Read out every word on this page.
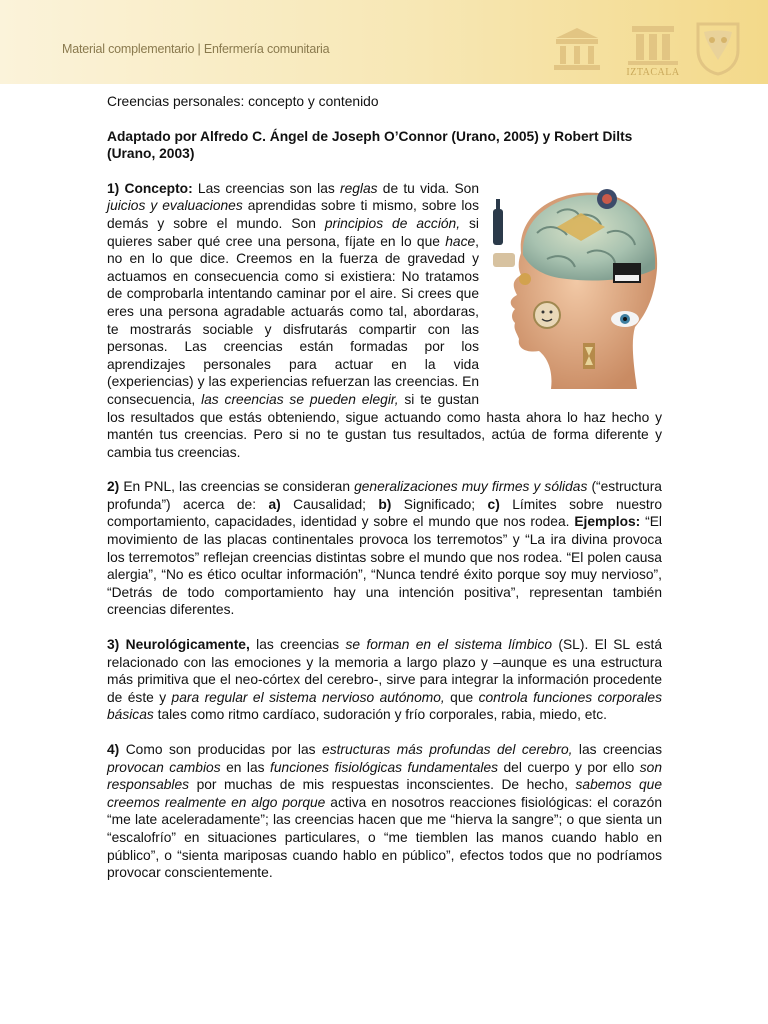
Material complementario | Enfermería comunitaria
IZTACALA
Creencias personales: concepto y contenido
Adaptado por Alfredo C. Ángel de Joseph O’Connor (Urano, 2005) y Robert Dilts (Urano, 2003)

1) Concepto: Las creencias son las reglas de tu vida. Son juicios y evaluaciones aprendidas sobre ti mismo, sobre los demás y sobre el mundo. Son principios de acción, si quieres saber qué cree una persona, fíjate en lo que hace, no en lo que dice. Creemos en la fuerza de gravedad y actuamos en consecuencia como si existiera: No tratamos de comprobarla intentando caminar por el aire. Si crees que eres una persona agradable actuarás como tal, abordaras, te mostrarás sociable y disfrutarás compartir con las personas. Las creencias están formadas por los aprendizajes personales para actuar en la vida (experiencias) y las experiencias refuerzan las creencias. En consecuencia, las creencias se pueden elegir, si te gustan los resultados que estás obteniendo, sigue actuando como hasta ahora lo haz hecho y mantén tus creencias. Pero si no te gustan tus resultados, actúa de forma diferente y cambia tus creencias.

2) En PNL, las creencias se consideran generalizaciones muy firmes y sólidas (“estructura profunda”) acerca de: a) Causalidad; b) Significado; c) Límites sobre nuestro comportamiento, capacidades, identidad y sobre el mundo que nos rodea. Ejemplos: “El movimiento de las placas continentales provoca los terremotos” y “La ira divina provoca los terremotos” reflejan creencias distintas sobre el mundo que nos rodea. “El polen causa alergia”, “No es ético ocultar información”, “Nunca tendré éxito porque soy muy nervioso”, “Detrás de todo comportamiento hay una intención positiva”, representan también creencias diferentes.

3) Neurológicamente, las creencias se forman en el sistema límbico (SL). El SL está relacionado con las emociones y la memoria a largo plazo y –aunque es una estructura más primitiva que el neo-córtex del cerebro-, sirve para integrar la información procedente de éste y para regular el sistema nervioso autónomo, que controla funciones corporales básicas tales como ritmo cardíaco, sudoración y frío corporales, rabia, miedo, etc.

4) Como son producidas por las estructuras más profundas del cerebro, las creencias provocan cambios en las funciones fisiológicas fundamentales del cuerpo y por ello son responsables por muchas de mis respuestas inconscientes. De hecho, sabemos que creemos realmente en algo porque activa en nosotros reacciones fisiológicas: el corazón “me late aceleradamente”; las creencias hacen que me “hierva la sangre”; o que sienta un “escalofrío” en situaciones particulares, o “me tiemblen las manos cuando hablo en público”, o “sienta mariposas cuando hablo en público”, efectos todos que no podríamos provocar conscientemente.
